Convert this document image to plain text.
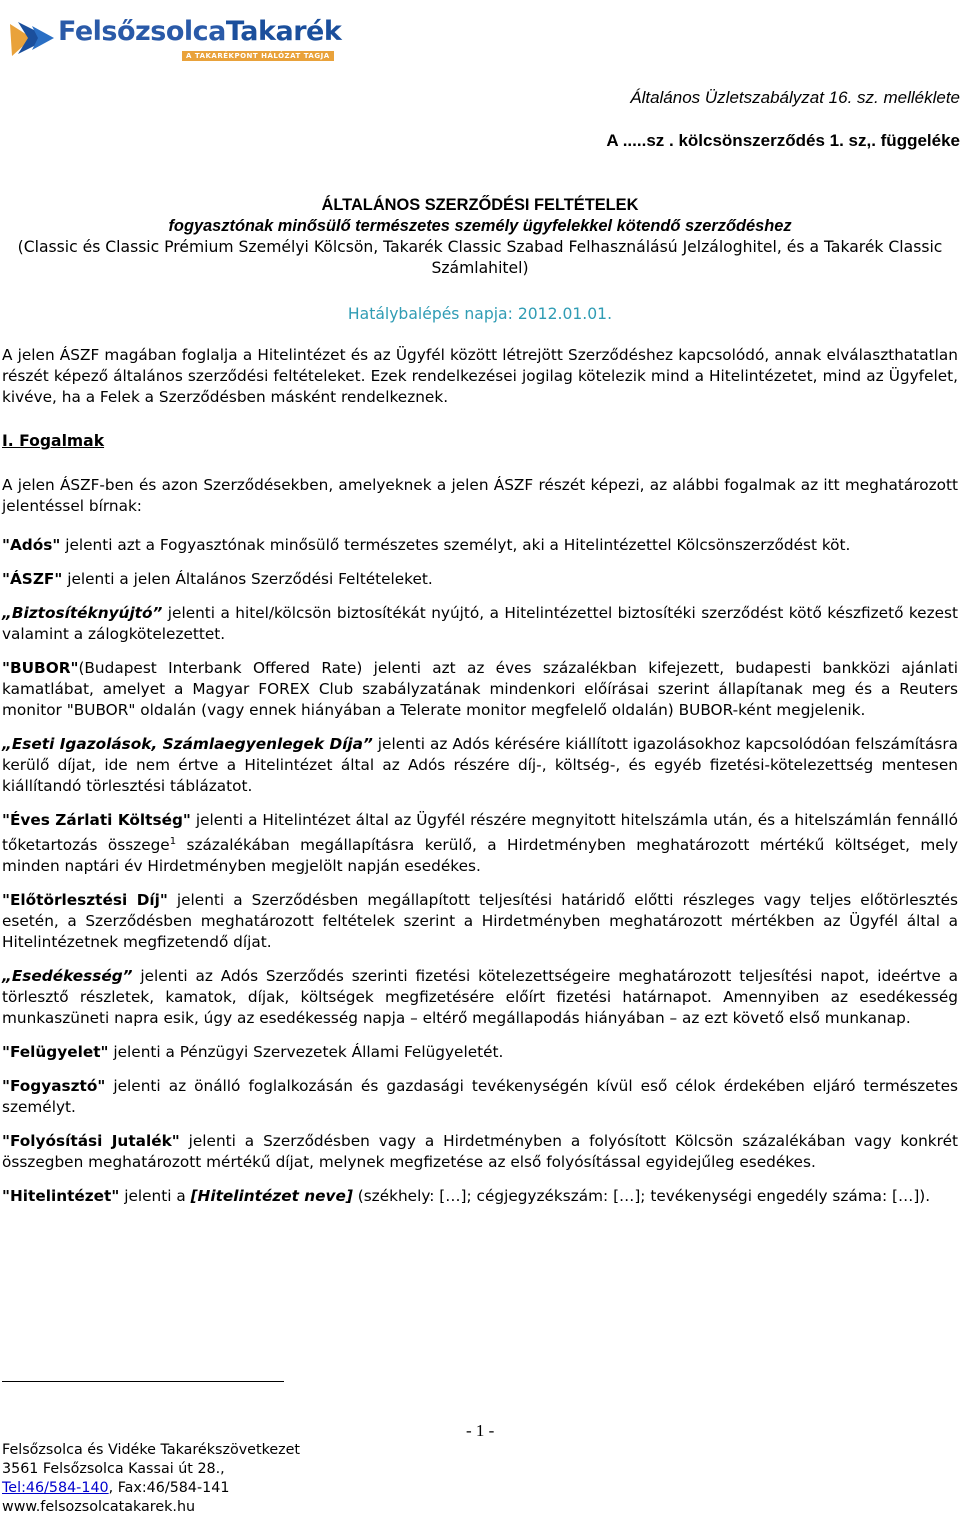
FelsőzsolcaTakarék
A TAKARÉKPONT HÁLÓZAT TAGJA
Általános Üzletszabályzat 16. sz. melléklete
A .....sz . kölcsönszerződés 1. sz,. függeléke
ÁLTALÁNOS SZERZŐDÉSI FELTÉTELEK
fogyasztónak minősülő természetes személy ügyfelekkel kötendő szerződéshez
(Classic és Classic Prémium Személyi Kölcsön, Takarék Classic Szabad Felhasználású Jelzáloghitel, és a Takarék Classic Számlahitel)
Hatálybalépés napja: 2012.01.01.

A jelen ÁSZF magában foglalja a Hitelintézet és az Ügyfél között létrejött Szerződéshez kapcsolódó, annak elválaszthatatlan részét képező általános szerződési feltételeket. Ezek rendelkezései jogilag kötelezik mind a Hitelintézetet, mind az Ügyfelet, kivéve, ha a Felek a Szerződésben másként rendelkeznek.

I. Fogalmak

A jelen ÁSZF-ben és azon Szerződésekben, amelyeknek a jelen ÁSZF részét képezi, az alábbi fogalmak az itt meghatározott jelentéssel bírnak:

"Adós" jelenti azt a Fogyasztónak minősülő természetes személyt, aki a Hitelintézettel Kölcsönszerződést köt.

"ÁSZF" jelenti a jelen Általános Szerződési Feltételeket.

„Biztosítéknyújtó” jelenti a hitel/kölcsön biztosítékát nyújtó, a Hitelintézettel biztosítéki szerződést kötő készfizető kezest valamint a zálogkötelezettet.

"BUBOR"(Budapest Interbank Offered Rate) jelenti azt az éves százalékban kifejezett, budapesti bankközi ajánlati kamatlábat, amelyet a Magyar FOREX Club szabályzatának mindenkori előírásai szerint állapítanak meg és a Reuters monitor "BUBOR" oldalán (vagy ennek hiányában a Telerate monitor megfelelő oldalán) BUBOR-ként megjelenik.

„Eseti Igazolások, Számlaegyenlegek Díja” jelenti az Adós kérésére kiállított igazolásokhoz kapcsolódóan felszámításra kerülő díjat, ide nem értve a Hitelintézet által az Adós részére díj-, költség-, és egyéb fizetési-kötelezettség mentesen kiállítandó törlesztési táblázatot.

"Éves Zárlati Költség" jelenti a Hitelintézet által az Ügyfél részére megnyitott hitelszámla után, és a hitelszámlán fennálló tőketartozás összege$^1$ százalékában megállapításra kerülő, a Hirdetményben meghatározott mértékű költséget, mely minden naptári év Hirdetményben megjelölt napján esedékes.

"Előtörlesztési Díj" jelenti a Szerződésben megállapított teljesítési határidő előtti részleges vagy teljes előtörlesztés esetén, a Szerződésben meghatározott feltételek szerint a Hirdetményben meghatározott mértékben az Ügyfél által a Hitelintézetnek megfizetendő díjat.

„Esedékesség” jelenti az Adós Szerződés szerinti fizetési kötelezettségeire meghatározott teljesítési napot, ideértve a törlesztő részletek, kamatok, díjak, költségek megfizetésére előírt fizetési határnapot. Amennyiben az esedékesség munkaszüneti napra esik, úgy az esedékesség napja – eltérő megállapodás hiányában – az ezt követő első munkanap.

"Felügyelet" jelenti a Pénzügyi Szervezetek Állami Felügyeletét.

"Fogyasztó" jelenti az önálló foglalkozásán és gazdasági tevékenységén kívül eső célok érdekében eljáró természetes személyt.

"Folyósítási Jutalék" jelenti a Szerződésben vagy a Hirdetményben a folyósított Kölcsön százalékában vagy konkrét összegben meghatározott mértékű díjat, melynek megfizetése az első folyósítással egyidejűleg esedékes.

"Hitelintézet" jelenti a [Hitelintézet neve] (székhely: […]; cégjegyzékszám: […]; tevékenységi engedély száma: […]).

- 1 -
Felsőzsolca és Vidéke Takarékszövetkezet
3561 Felsőzsolca Kassai út 28.,
Tel:46/584-140, Fax:46/584-141
www.felsozsolcatakarek.hu
